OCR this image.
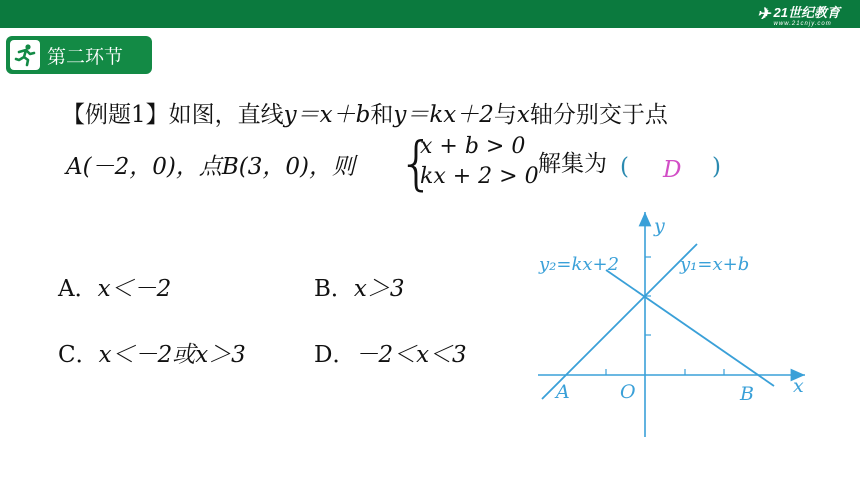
✈ 21世纪教育
www.21cnjy.com
第二环节
【例题1】如图，直线y＝x＋b和y＝kx＋2与x轴分别交于点
A(－2，0)，点B(3，0)，则 {
x + b > 0
kx + 2 > 0 解集为 ( D )
A．x＜－2	B．x＞3
C．x＜－2或x＞3	D．－2＜x＜3
A	O	B x
y
y₂=kx+2	y₁=x+b
